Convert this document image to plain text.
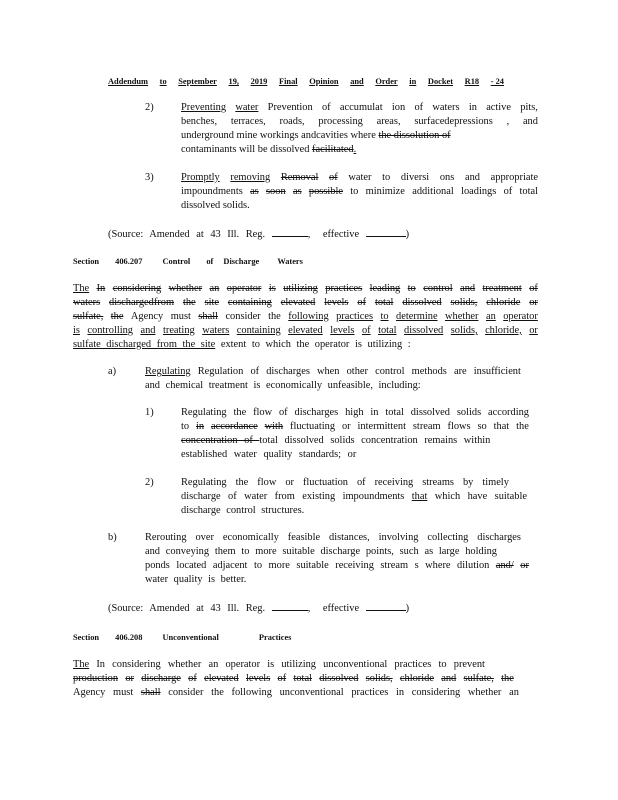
Addendum to September 19, 2019 Final Opinion and Order in Docket R18 - 24
2)	Preventing water Prevention of accumulat ion of waters in active pits,
benches, terraces, roads, processing areas, surfacedepressions , and
underground mine workings andcavities where the dissolution of
contaminants will be dissolved facilitated.
3)	Promptly removing Removal of water to diversi ons and appropriate
impoundments as soon as possible to minimize additional loadings of total
dissolved solids.
(Source: Amended at 43 Ill. Reg.	, effective	)
Section 406.207 Control of Discharge Waters
The In considering whether an operator is utilizing practices leading to control and treatment of
waters dischargedfrom the site containing elevated levels of total dissolved solids, chloride or
sulfate, the Agency must shall consider the following practices to determine whether an operator
is controlling and treating waters containing elevated levels of total dissolved solids, chloride, or
sulfate discharged from the site extent to which the operator is utilizing :
a)	Regulating Regulation of discharges when other control methods are insufficient
and chemical treatment is economically unfeasible, including:
1)	Regulating the flow of discharges high in total dissolved solids according
to in accordance with fluctuating or intermittent stream flows so that the
concentration of total dissolved solids concentration remains within
established water quality standards; or
2)	Regulating the flow or fluctuation of receiving streams by timely
discharge of water from existing impoundments that which have suitable
discharge control structures.
b)	Rerouting over economically feasible distances, involving collecting discharges
and conveying them to more suitable discharge points, such as large holding
ponds located adjacent to more suitable receiving stream s where dilution and/ or
water quality is better.
(Source: Amended at 43 Ill. Reg.	, effective	)
Section 406.208 Unconventional	Practices
The In considering whether an operator is utilizing unconventional practices to prevent
production or discharge of elevated levels of total dissolved solids, chloride and sulfate, the
Agency must shall consider the following unconventional practices in considering whether an
